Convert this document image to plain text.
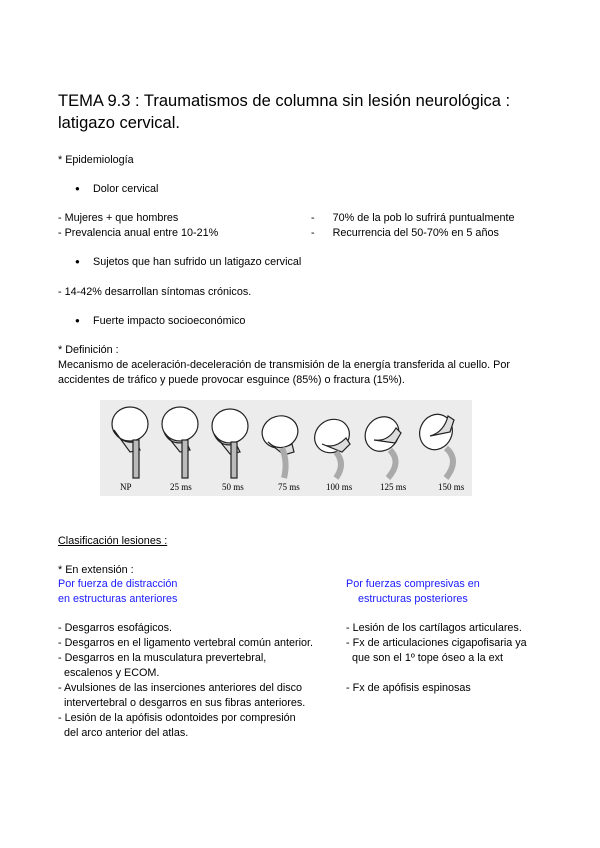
TEMA 9.3 : Traumatismos de columna sin lesión neurológica : latigazo cervical.
* Epidemiología
● Dolor cervical
- Mujeres + que hombres
- Prevalencia anual entre 10-21%
-      70% de la pob lo sufrirá puntualmente
-      Recurrencia del 50-70% en 5 años
● Sujetos que han sufrido un latigazo cervical
- 14-42% desarrollan síntomas crónicos.
● Fuerte impacto socioeconómico
* Definición :
Mecanismo de aceleración-deceleración de transmisión de la energía transferida al cuello. Por
accidentes de tráfico y puede provocar esguince (85%) o fractura (15%).
NP	25 ms	50 ms	75 ms	100 ms	125 ms	150 ms
Clasificación lesiones :
* En extensión :
Por fuerza de distracción
en estructuras anteriores
Por fuerzas compresivas en
estructuras posteriores
- Desgarros esofágicos.
- Desgarros en el ligamento vertebral común anterior.
- Desgarros en la musculatura prevertebral,
escalenos y ECOM.
- Avulsiones de las inserciones anteriores del disco
intervertebral o desgarros en sus fibras anteriores.
- Lesión de la apófisis odontoides por compresión
del arco anterior del atlas.
- Lesión de los cartílagos articulares.
- Fx de articulaciones cigapofisaria ya
que son el 1º tope óseo a la ext
- Fx de apófisis espinosas
